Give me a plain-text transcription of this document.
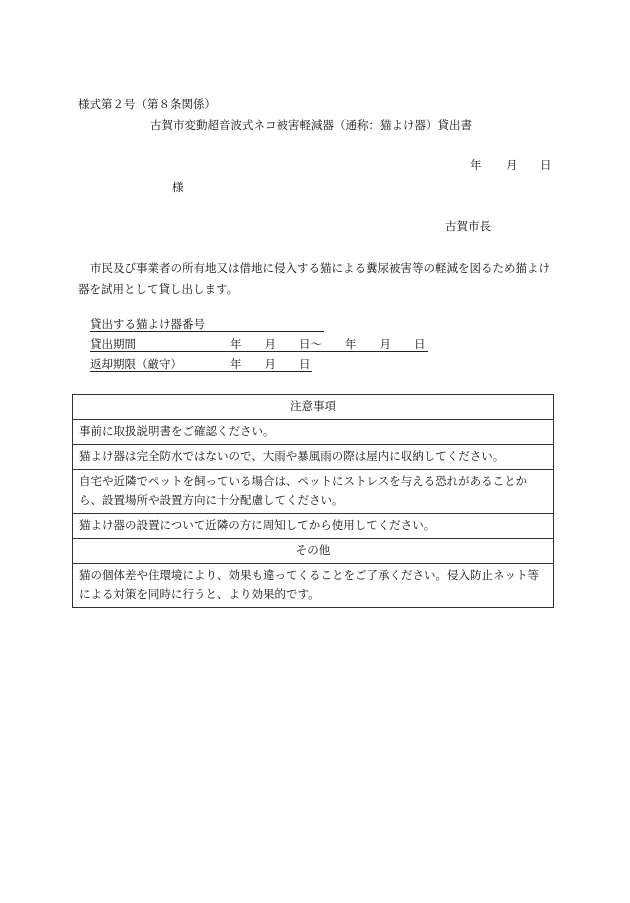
様式第２号（第８条関係）
古賀市変動超音波式ネコ被害軽減器（通称：猫よけ器）貸出書
年 月 日
様
古賀市長
市民及び事業者の所有地又は借地に侵入する猫による糞尿被害等の軽減を図るため猫よけ器を試用として貸し出します。
貸出する猫よけ器番号
貸出期間	年　　月　　日～　　年　　月　　日
返却期限（厳守）	年　　月　　日
注意事項
事前に取扱説明書をご確認ください。
猫よけ器は完全防水ではないので、大雨や暴風雨の際は屋内に収納してください。
自宅や近隣でペットを飼っている場合は、ペットにストレスを与える恐れがあることから、設置場所や設置方向に十分配慮してください。
猫よけ器の設置について近隣の方に周知してから使用してください。
その他
猫の個体差や住環境により、効果も違ってくることをご了承ください。侵入防止ネット等による対策を同時に行うと、より効果的です。
